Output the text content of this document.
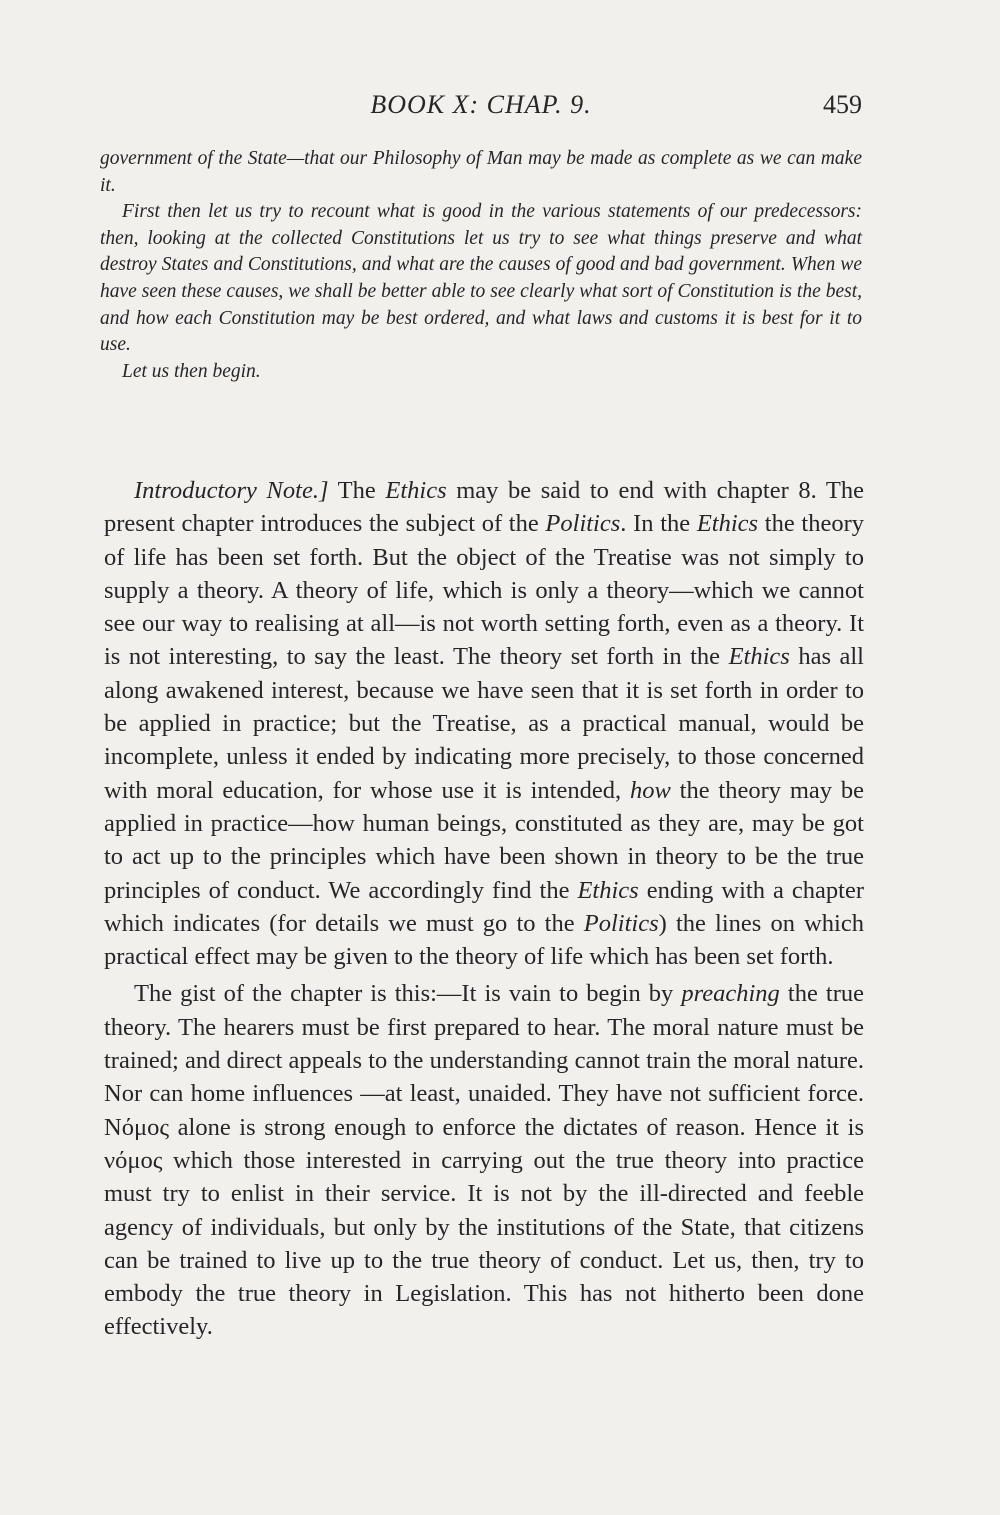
BOOK X: CHAP. 9.	459

government of the State—that our Philosophy of Man may be made as complete as we can make it.

First then let us try to recount what is good in the various statements of our predecessors: then, looking at the collected Constitutions let us try to see what things preserve and what destroy States and Constitutions, and what are the causes of good and bad government. When we have seen these causes, we shall be better able to see clearly what sort of Constitution is the best, and how each Constitution may be best ordered, and what laws and customs it is best for it to use.

Let us then begin.

Introductory Note.] The Ethics may be said to end with chapter 8. The present chapter introduces the subject of the Politics. In the Ethics the theory of life has been set forth. But the object of the Treatise was not simply to supply a theory. A theory of life, which is only a theory—which we cannot see our way to realising at all—is not worth setting forth, even as a theory. It is not interesting, to say the least. The theory set forth in the Ethics has all along awakened interest, because we have seen that it is set forth in order to be applied in practice; but the Treatise, as a practical manual, would be incomplete, unless it ended by indicating more precisely, to those concerned with moral education, for whose use it is intended, how the theory may be applied in practice—how human beings, constituted as they are, may be got to act up to the principles which have been shown in theory to be the true principles of conduct. We accordingly find the Ethics ending with a chapter which indicates (for details we must go to the Politics) the lines on which practical effect may be given to the theory of life which has been set forth.

The gist of the chapter is this:—It is vain to begin by preaching the true theory. The hearers must be first prepared to hear. The moral nature must be trained; and direct appeals to the understanding cannot train the moral nature. Nor can home influences —at least, unaided. They have not sufficient force. Νόμος alone is strong enough to enforce the dictates of reason. Hence it is νόμος which those interested in carrying out the true theory into practice must try to enlist in their service. It is not by the ill-directed and feeble agency of individuals, but only by the institutions of the State, that citizens can be trained to live up to the true theory of conduct. Let us, then, try to embody the true theory in Legislation. This has not hitherto been done effectively.
